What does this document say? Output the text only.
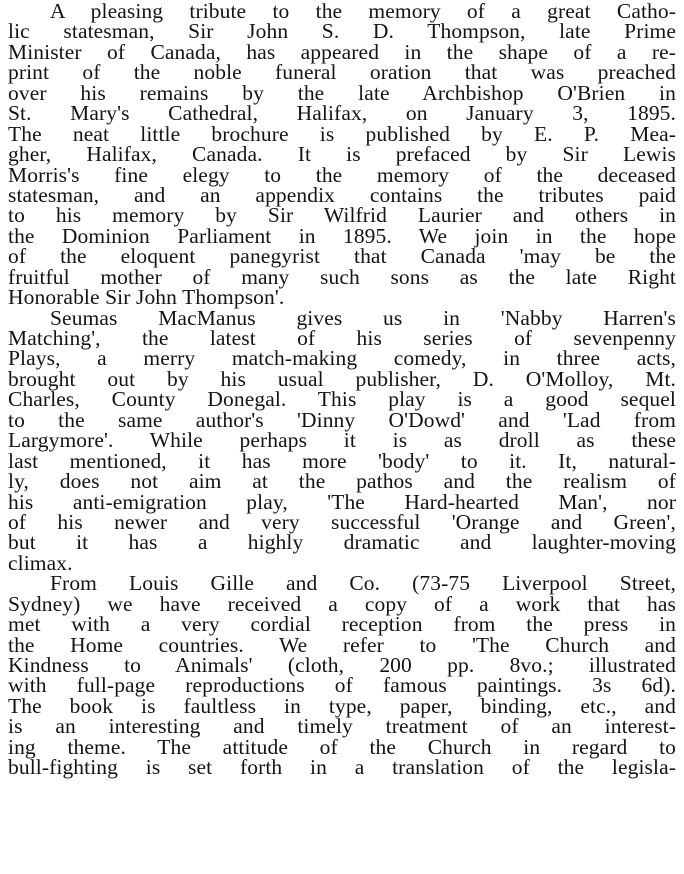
A pleasing tribute to the memory of a great Catho-
lic statesman, Sir John S. D. Thompson, late Prime
Minister of Canada, has appeared in the shape of a re-
print of the noble funeral oration that was preached
over his remains by the late Archbishop O'Brien in
St. Mary's Cathedral, Halifax, on January 3, 1895.
The neat little brochure is published by E. P. Mea-
gher, Halifax, Canada. It is prefaced by Sir Lewis
Morris's fine elegy to the memory of the deceased
statesman, and an appendix contains the tributes paid
to his memory by Sir Wilfrid Laurier and others in
the Dominion Parliament in 1895. We join in the hope
of the eloquent panegyrist that Canada 'may be the
fruitful mother of many such sons as the late Right
Honorable Sir John Thompson'.
Seumas MacManus gives us in 'Nabby Harren's
Matching', the latest of his series of sevenpenny
Plays, a merry match-making comedy, in three acts,
brought out by his usual publisher, D. O'Molloy, Mt.
Charles, County Donegal. This play is a good sequel
to the same author's 'Dinny O'Dowd' and 'Lad from
Largymore'. While perhaps it is as droll as these
last mentioned, it has more 'body' to it. It, natural-
ly, does not aim at the pathos and the realism of
his anti-emigration play, 'The Hard-hearted Man', nor
of his newer and very successful 'Orange and Green',
but it has a highly dramatic and laughter-moving
climax.
From Louis Gille and Co. (73-75 Liverpool Street,
Sydney) we have received a copy of a work that has
met with a very cordial reception from the press in
the Home countries. We refer to 'The Church and
Kindness to Animals' (cloth, 200 pp. 8vo.; illustrated
with full-page reproductions of famous paintings. 3s 6d).
The book is faultless in type, paper, binding, etc., and
is an interesting and timely treatment of an interest-
ing theme. The attitude of the Church in regard to
bull-fighting is set forth in a translation of the legisla-
